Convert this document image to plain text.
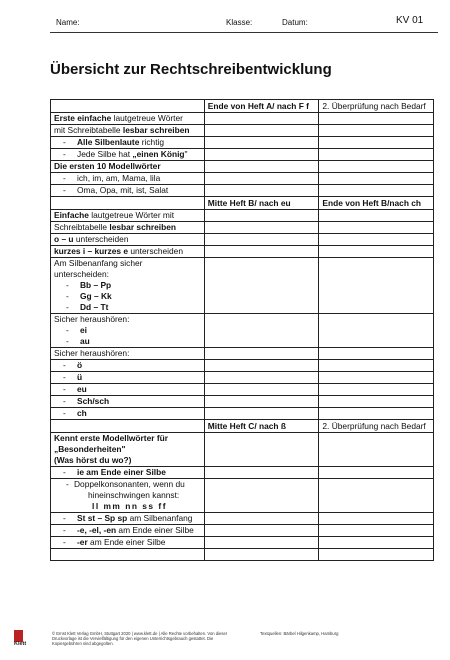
Name:	Klasse:	Datum:	KV 01
Übersicht zur Rechtschreibentwicklung
	Ende von Heft A/ nach F f	2. Überprüfung nach Bedarf
Erste einfache lautgetreue Wörter		
mit Schreibtabelle lesbar schreiben		
- Alle Silbenlaute richtig		
- Jede Silbe hat „einen König"		
Die ersten 10 Modellwörter		
- ich, im, am, Mama, lila		
- Oma, Opa, mit, ist, Salat		
	Mitte Heft B/ nach eu	Ende von Heft B/nach ch
Einfache lautgetreue Wörter mit		
Schreibtabelle lesbar schreiben		
o – u unterscheiden		
kurzes i – kurzes e unterscheiden		
Am Silbenanfang sicher
unterscheiden:

- Bb – Pp
- Gg – Kk
- Dd – Tt		

Sicher heraushören:

- ei
- au		

Sicher heraushören:		
- ö		
- ü		
- eu		
- Sch/sch		
- ch		
	Mitte Heft C/ nach ß	2. Überprüfung nach Bedarf
Kennt erste Modellwörter für
„Besonderheiten"
(Was hörst du wo?)		
- ie am Ende einer Silbe		
- Doppelkonsonanten, wenn du
hineinschwingen kannst:
ll mm nn ss ff		
- St st – Sp sp am Silbenanfang		
- -e, -el, -en am Ende einer Silbe		
- -er am Ende einer Silbe		

Klett
© Ernst Klett Verlag GmbH, Stuttgart 2020 | www.klett.de | Alle Rechte vorbehalten. Von dieser Druckvorlage ist die Vervielfältigung für den eigenen Unterrichtsgebrauch gestattet. Die Kopiergebühren sind abgegolten.
Textquellen: Bärbel Hilgenkamp, Hamburg
